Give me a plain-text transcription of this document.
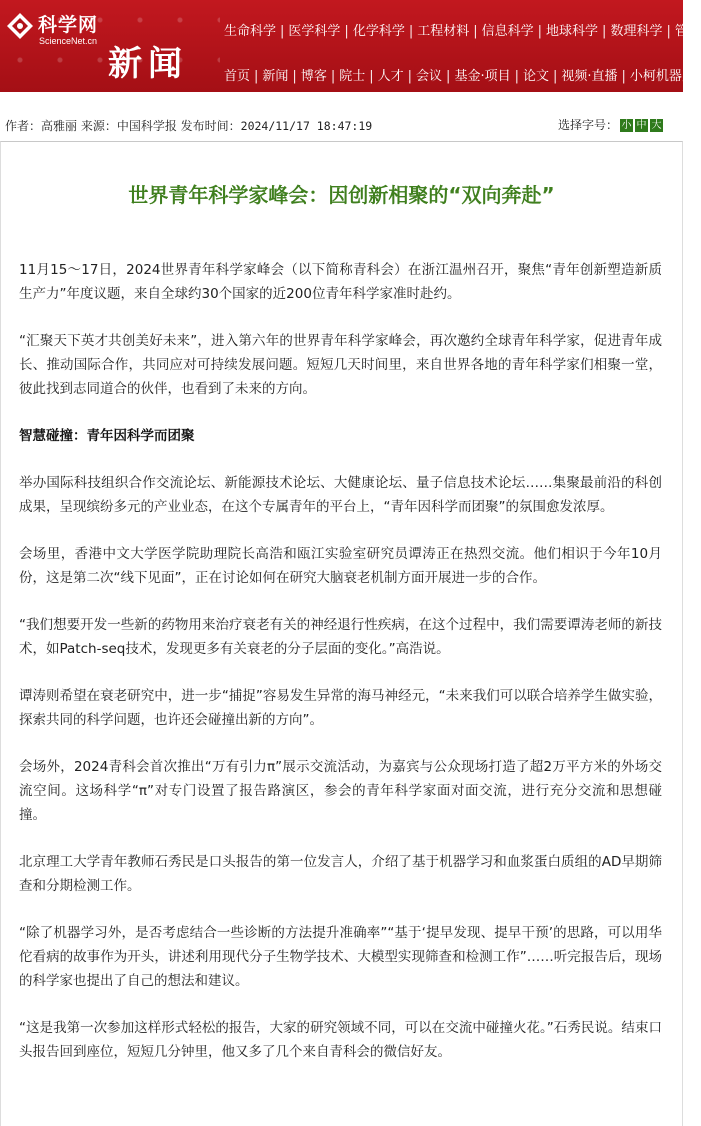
科学网
ScienceNet.cn
新闻
生命科学 | 医学科学 | 化学科学 | 工程材料 | 信息科学 | 地球科学 | 数理科学 | 管理
首页 | 新闻 | 博客 | 院士 | 人才 | 会议 | 基金·项目 | 论文 | 视频·直播 | 小柯机器人
作者：高雅丽 来源：中国科学报 发布时间：2024/11/17 18:47:19	选择字号： 小 中 大
世界青年科学家峰会：因创新相聚的“双向奔赴”

11月15～17日，2024世界青年科学家峰会（以下简称青科会）在浙江温州召开，聚焦“青年创新塑造新质生产力”年度议题，来自全球约30个国家的近200位青年科学家准时赴约。

“汇聚天下英才共创美好未来”，进入第六年的世界青年科学家峰会，再次邀约全球青年科学家，促进青年成长、推动国际合作，共同应对可持续发展问题。短短几天时间里，来自世界各地的青年科学家们相聚一堂，彼此找到志同道合的伙伴，也看到了未来的方向。

智慧碰撞：青年因科学而团聚

举办国际科技组织合作交流论坛、新能源技术论坛、大健康论坛、量子信息技术论坛……集聚最前沿的科创成果，呈现缤纷多元的产业业态，在这个专属青年的平台上，“青年因科学而团聚”的氛围愈发浓厚。

会场里，香港中文大学医学院助理院长高浩和瓯江实验室研究员谭涛正在热烈交流。他们相识于今年10月份，这是第二次“线下见面”，正在讨论如何在研究大脑衰老机制方面开展进一步的合作。

“我们想要开发一些新的药物用来治疗衰老有关的神经退行性疾病，在这个过程中，我们需要谭涛老师的新技术，如Patch-seq技术，发现更多有关衰老的分子层面的变化。”高浩说。

谭涛则希望在衰老研究中，进一步“捕捉”容易发生异常的海马神经元，“未来我们可以联合培养学生做实验，探索共同的科学问题，也许还会碰撞出新的方向”。

会场外，2024青科会首次推出“万有引力π”展示交流活动，为嘉宾与公众现场打造了超2万平方米的外场交流空间。这场科学“π”对专门设置了报告路演区，参会的青年科学家面对面交流，进行充分交流和思想碰撞。

北京理工大学青年教师石秀民是口头报告的第一位发言人，介绍了基于机器学习和血浆蛋白质组的AD早期筛查和分期检测工作。

“除了机器学习外，是否考虑结合一些诊断的方法提升准确率”“基于‘提早发现、提早干预’的思路，可以用华佗看病的故事作为开头，讲述利用现代分子生物学技术、大模型实现筛查和检测工作”……听完报告后，现场的科学家也提出了自己的想法和建议。

“这是我第一次参加这样形式轻松的报告，大家的研究领域不同，可以在交流中碰撞火花。”石秀民说。结束口头报告回到座位，短短几分钟里，他又多了几个来自青科会的微信好友。
